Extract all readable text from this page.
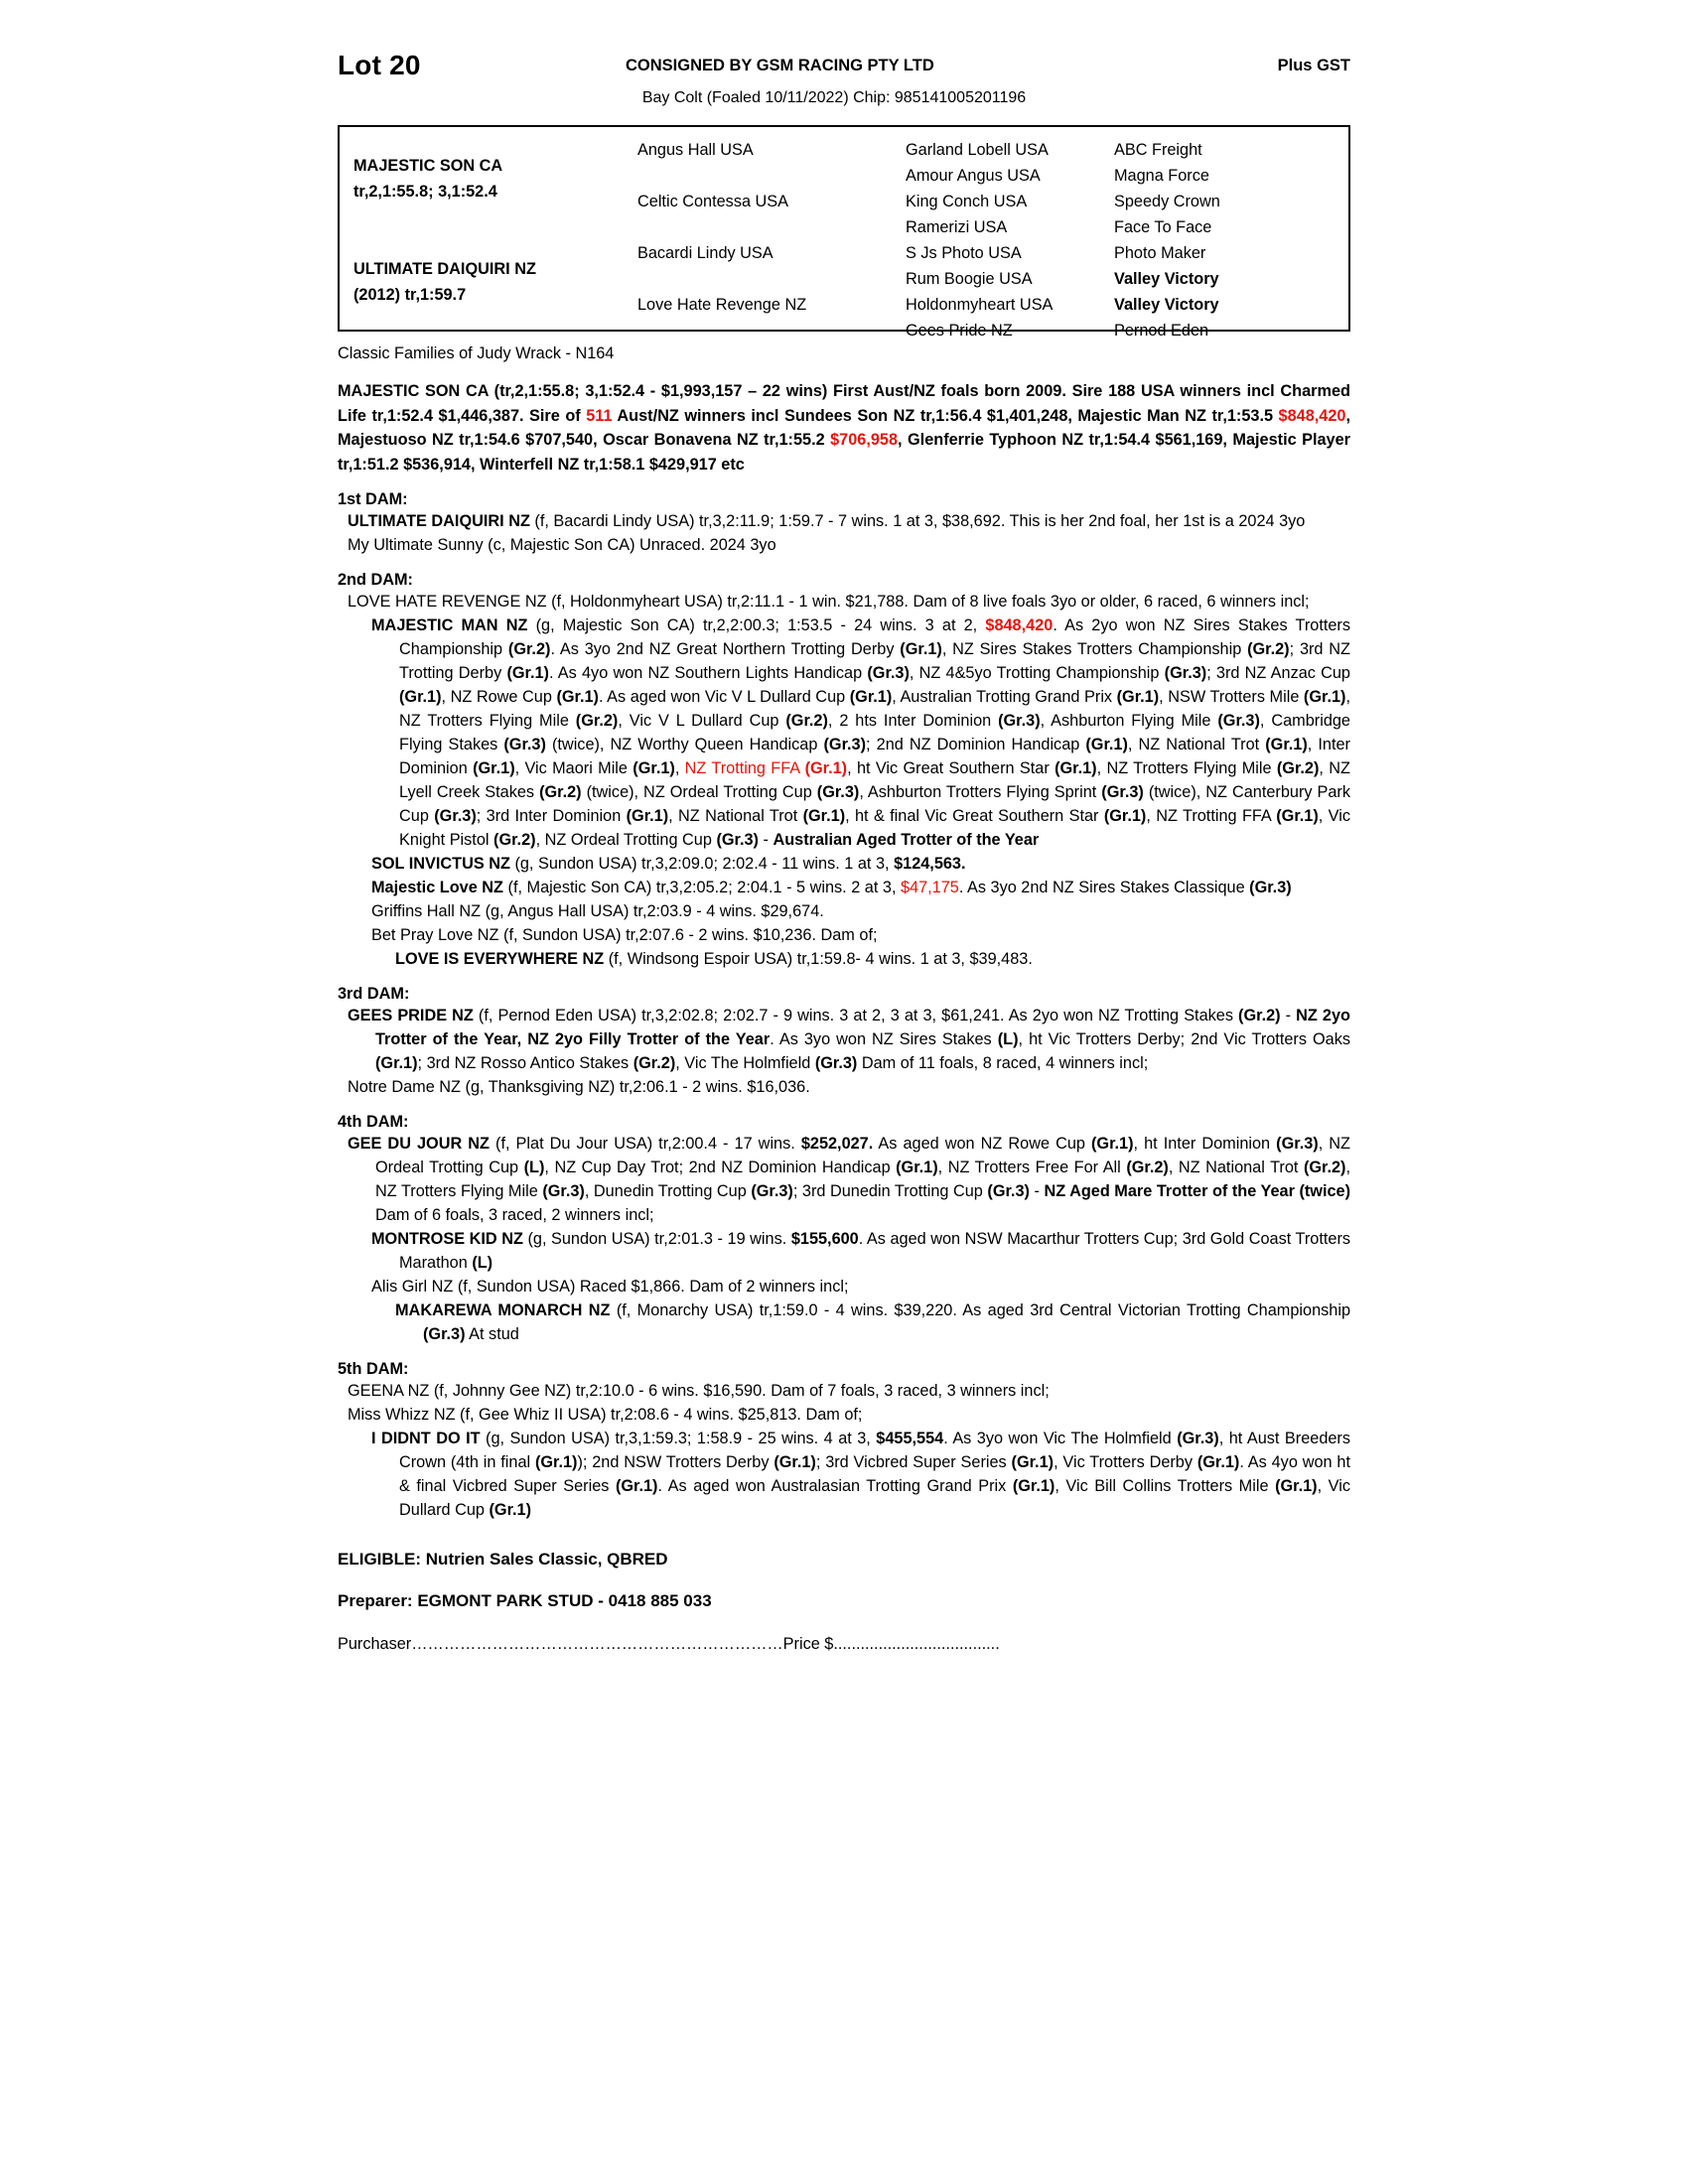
Lot 20	CONSIGNED BY GSM RACING PTY LTD	Plus GST
Bay Colt (Foaled 10/11/2022) Chip: 985141005201196
MAJESTIC SON CA
tr,2,1:55.8; 3,1:52.4
ULTIMATE DAIQUIRI NZ
(2012) tr,1:59.7
Angus Hall USA
Celtic Contessa USA
Bacardi Lindy USA
Love Hate Revenge NZ
Garland Lobell USA
Amour Angus USA
King Conch USA
Ramerizi USA
S Js Photo USA
Rum Boogie USA
Holdonmyheart USA
Gees Pride NZ
ABC Freight
Magna Force
Speedy Crown
Face To Face
Photo Maker
Valley Victory
Valley Victory
Pernod Eden
Classic Families of Judy Wrack - N164
MAJESTIC SON CA (tr,2,1:55.8; 3,1:52.4 - $1,993,157 – 22 wins) First Aust/NZ foals born 2009. Sire 188 USA winners incl Charmed Life tr,1:52.4 $1,446,387. Sire of 511 Aust/NZ winners incl Sundees Son NZ tr,1:56.4 $1,401,248, Majestic Man NZ tr,1:53.5 $848,420, Majestuoso NZ tr,1:54.6 $707,540, Oscar Bonavena NZ tr,1:55.2 $706,958, Glenferrie Typhoon NZ tr,1:54.4 $561,169, Majestic Player tr,1:51.2 $536,914, Winterfell NZ tr,1:58.1 $429,917 etc
1st DAM:

ULTIMATE DAIQUIRI NZ (f, Bacardi Lindy USA) tr,3,2:11.9; 1:59.7 - 7 wins. 1 at 3, $38,692. This is her 2nd foal, her 1st is a 2024 3yo

My Ultimate Sunny (c, Majestic Son CA) Unraced. 2024 3yo

2nd DAM:

LOVE HATE REVENGE NZ (f, Holdonmyheart USA) tr,2:11.1 - 1 win. $21,788. Dam of 8 live foals 3yo or older, 6 raced, 6 winners incl;

MAJESTIC MAN NZ (g, Majestic Son CA) tr,2,2:00.3; 1:53.5 - 24 wins. 3 at 2, $848,420. As 2yo won NZ Sires Stakes Trotters Championship (Gr.2). As 3yo 2nd NZ Great Northern Trotting Derby (Gr.1), NZ Sires Stakes Trotters Championship (Gr.2); 3rd NZ Trotting Derby (Gr.1). As 4yo won NZ Southern Lights Handicap (Gr.3), NZ 4&5yo Trotting Championship (Gr.3); 3rd NZ Anzac Cup (Gr.1), NZ Rowe Cup (Gr.1). As aged won Vic V L Dullard Cup (Gr.1), Australian Trotting Grand Prix (Gr.1), NSW Trotters Mile (Gr.1), NZ Trotters Flying Mile (Gr.2), Vic V L Dullard Cup (Gr.2), 2 hts Inter Dominion (Gr.3), Ashburton Flying Mile (Gr.3), Cambridge Flying Stakes (Gr.3) (twice), NZ Worthy Queen Handicap (Gr.3); 2nd NZ Dominion Handicap (Gr.1), NZ National Trot (Gr.1), Inter Dominion (Gr.1), Vic Maori Mile (Gr.1), NZ Trotting FFA (Gr.1), ht Vic Great Southern Star (Gr.1), NZ Trotters Flying Mile (Gr.2), NZ Lyell Creek Stakes (Gr.2) (twice), NZ Ordeal Trotting Cup (Gr.3), Ashburton Trotters Flying Sprint (Gr.3) (twice), NZ Canterbury Park Cup (Gr.3); 3rd Inter Dominion (Gr.1), NZ National Trot (Gr.1), ht & final Vic Great Southern Star (Gr.1), NZ Trotting FFA (Gr.1), Vic Knight Pistol (Gr.2), NZ Ordeal Trotting Cup (Gr.3) - Australian Aged Trotter of the Year

SOL INVICTUS NZ (g, Sundon USA) tr,3,2:09.0; 2:02.4 - 11 wins. 1 at 3, $124,563.

Majestic Love NZ (f, Majestic Son CA) tr,3,2:05.2; 2:04.1 - 5 wins. 2 at 3, $47,175. As 3yo 2nd NZ Sires Stakes Classique (Gr.3)

Griffins Hall NZ (g, Angus Hall USA) tr,2:03.9 - 4 wins. $29,674.

Bet Pray Love NZ (f, Sundon USA) tr,2:07.6 - 2 wins. $10,236. Dam of;

LOVE IS EVERYWHERE NZ (f, Windsong Espoir USA) tr,1:59.8- 4 wins. 1 at 3, $39,483.

3rd DAM:

GEES PRIDE NZ (f, Pernod Eden USA) tr,3,2:02.8; 2:02.7 - 9 wins. 3 at 2, 3 at 3, $61,241. As 2yo won NZ Trotting Stakes (Gr.2) - NZ 2yo Trotter of the Year, NZ 2yo Filly Trotter of the Year. As 3yo won NZ Sires Stakes (L), ht Vic Trotters Derby; 2nd Vic Trotters Oaks (Gr.1); 3rd NZ Rosso Antico Stakes (Gr.2), Vic The Holmfield (Gr.3) Dam of 11 foals, 8 raced, 4 winners incl;

Notre Dame NZ (g, Thanksgiving NZ) tr,2:06.1 - 2 wins. $16,036.

4th DAM:

GEE DU JOUR NZ (f, Plat Du Jour USA) tr,2:00.4 - 17 wins. $252,027. As aged won NZ Rowe Cup (Gr.1), ht Inter Dominion (Gr.3), NZ Ordeal Trotting Cup (L), NZ Cup Day Trot; 2nd NZ Dominion Handicap (Gr.1), NZ Trotters Free For All (Gr.2), NZ National Trot (Gr.2), NZ Trotters Flying Mile (Gr.3), Dunedin Trotting Cup (Gr.3); 3rd Dunedin Trotting Cup (Gr.3) - NZ Aged Mare Trotter of the Year (twice) Dam of 6 foals, 3 raced, 2 winners incl;

MONTROSE KID NZ (g, Sundon USA) tr,2:01.3 - 19 wins. $155,600. As aged won NSW Macarthur Trotters Cup; 3rd Gold Coast Trotters Marathon (L)

Alis Girl NZ (f, Sundon USA) Raced $1,866. Dam of 2 winners incl;

MAKAREWA MONARCH NZ (f, Monarchy USA) tr,1:59.0 - 4 wins. $39,220. As aged 3rd Central Victorian Trotting Championship (Gr.3) At stud

5th DAM:

GEENA NZ (f, Johnny Gee NZ) tr,2:10.0 - 6 wins. $16,590. Dam of 7 foals, 3 raced, 3 winners incl;

Miss Whizz NZ (f, Gee Whiz II USA) tr,2:08.6 - 4 wins. $25,813. Dam of;

I DIDNT DO IT (g, Sundon USA) tr,3,1:59.3; 1:58.9 - 25 wins. 4 at 3, $455,554. As 3yo won Vic The Holmfield (Gr.3), ht Aust Breeders Crown (4th in final (Gr.1)); 2nd NSW Trotters Derby (Gr.1); 3rd Vicbred Super Series (Gr.1), Vic Trotters Derby (Gr.1). As 4yo won ht & final Vicbred Super Series (Gr.1). As aged won Australasian Trotting Grand Prix (Gr.1), Vic Bill Collins Trotters Mile (Gr.1), Vic Dullard Cup (Gr.1)

ELIGIBLE: Nutrien Sales Classic, QBRED
Preparer: EGMONT PARK STUD - 0418 885 033
Purchaser……………………………………………………………Price $.....................................
